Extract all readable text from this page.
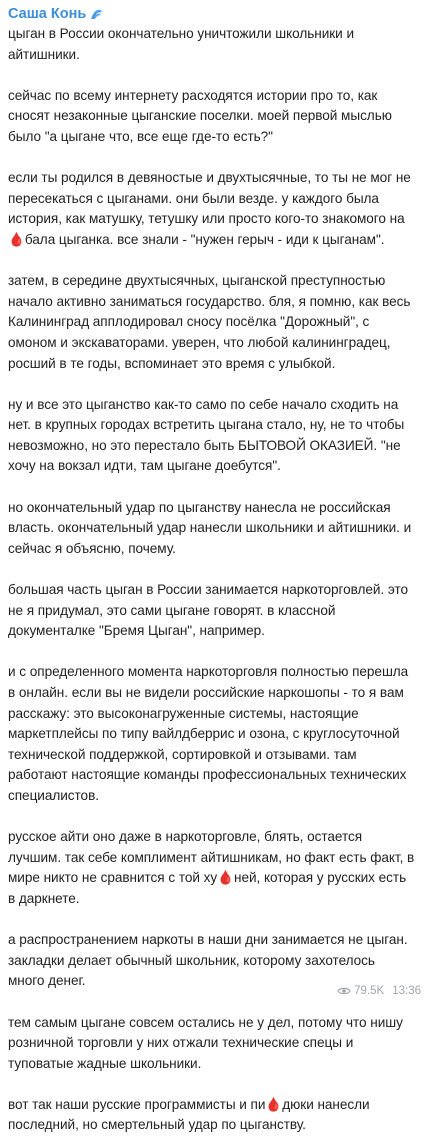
Саша Конь

цыган в России окончательно уничтожили школьники и айтишники.

сейчас по всему интернету расходятся истории про то, как сносят незаконные цыганские поселки. моей первой мыслью было "а цыгане что, все еще где-то есть?"

если ты родился в девяностые и двухтысячные, то ты не мог не пересекаться с цыганами. они были везде. у каждого была история, как матушку, тетушку или просто кого-то знакомого на🩸бала цыганка. все знали - "нужен герыч - иди к цыганам".

затем, в середине двухтысячных, цыганской преступностью начало активно заниматься государство. бля, я помню, как весь Калининград апплодировал сносу посёлка "Дорожный", с омоном и экскаваторами. уверен, что любой калининградец, росший в те годы, вспоминает это время с улыбкой.

ну и все это цыганство как-то само по себе начало сходить на нет. в крупных городах встретить цыгана стало, ну, не то чтобы невозможно, но это перестало быть БЫТОВОЙ ОКАЗИЕЙ. "не хочу на вокзал идти, там цыгане доебутся".

но окончательный удар по цыганству нанесла не российская власть. окончательный удар нанесли школьники и айтишники. и сейчас я объясню, почему.

большая часть цыган в России занимается наркоторговлей. это не я придумал, это сами цыгане говорят. в классной документалке "Бремя Цыган", например.

и с определенного момента наркоторговля полностью перешла в онлайн. если вы не видели российские наркошопы - то я вам расскажу: это высоконагруженные системы, настоящие маркетплейсы по типу вайлдберрис и озона, с круглосуточной технической поддержкой, сортировкой и отзывами. там работают настоящие команды профессиональных технических специалистов.

русское айти оно даже в наркоторговле, блять, остается лучшим. так себе комплимент айтишникам, но факт есть факт, в мире никто не сравнится с той ху🩸ней, которая у русских есть в даркнете.

а распространением наркоты в наши дни занимается не цыган. закладки делает обычный школьник, которому захотелось много денег.

тем самым цыгане совсем остались не у дел, потому что нишу розничной торговли у них отжали технические спецы и туповатые жадные школьники.

вот так наши русские программисты и пи🩸дюки нанесли последний, но смертельный удар по цыганству.

79.5K 13:36
